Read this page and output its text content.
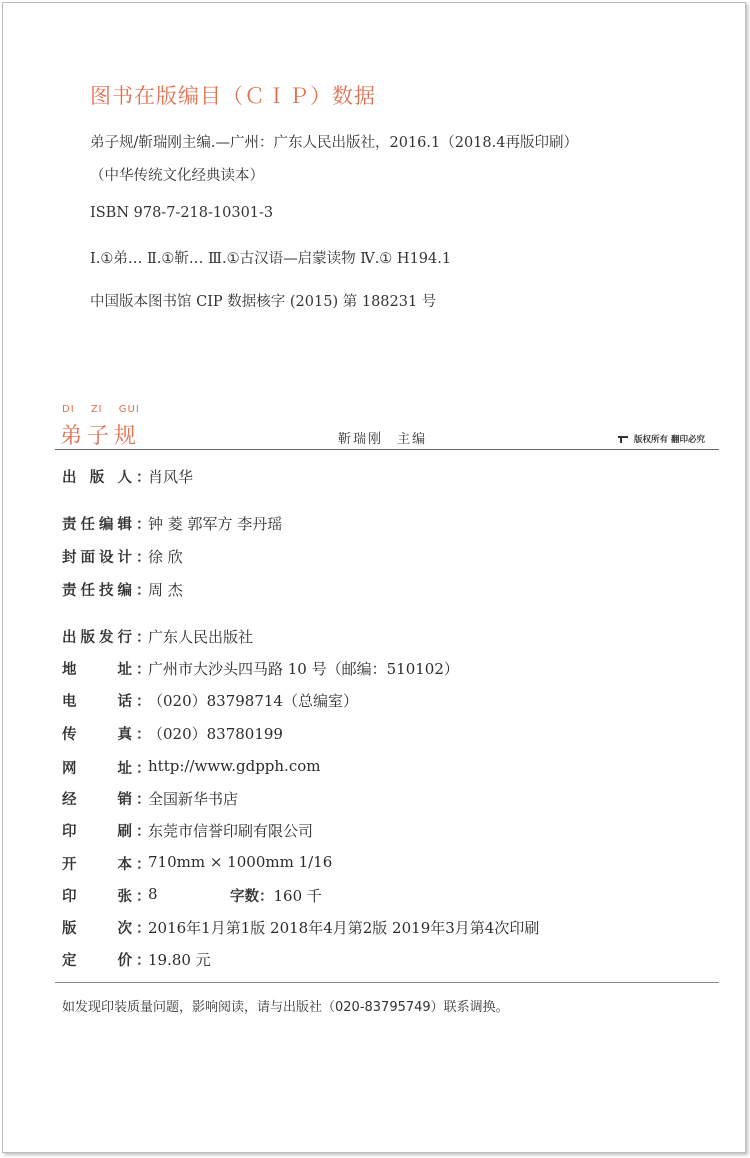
图书在版编目（ＣＩＰ）数据
弟子规/靳瑞刚主编.—广州：广东人民出版社，2016.1（2018.4再版印刷）
（中华传统文化经典读本）
ISBN 978-7-218-10301-3
Ⅰ.①弟… Ⅱ.①靳… Ⅲ.①古汉语—启蒙读物 Ⅳ.① H194.1
中国版本图书馆 CIP 数据核字 (2015) 第 188231 号
DI ZI GUI
弟子规	靳瑞刚 主编	版权所有 翻印必究
出 版 人 ：
肖风华
责 任 编 辑 ：
钟 菱 郭军方 李丹瑶
封 面 设 计 ：
徐 欣
责 任 技 编 ：
周 杰
出 版 发 行 ：
广东人民出版社
地	址 ：
广州市大沙头四马路 10 号（邮编：510102）
电	话 ：
（020）83798714（总编室）
传	真 ：
（020）83780199
网	址 ：
http://www.gdpph.com
经	销 ：
全国新华书店
印	刷 ：
东莞市信誉印刷有限公司
开	本 ：
710mm × 1000mm 1/16
印	张 ：
8	字数： 160 千
版	次 ：
2016年1月第1版 2018年4月第2版 2019年3月第4次印刷
定	价 ：
19.80 元
如发现印装质量问题，影响阅读，请与出版社（020-83795749）联系调换。
